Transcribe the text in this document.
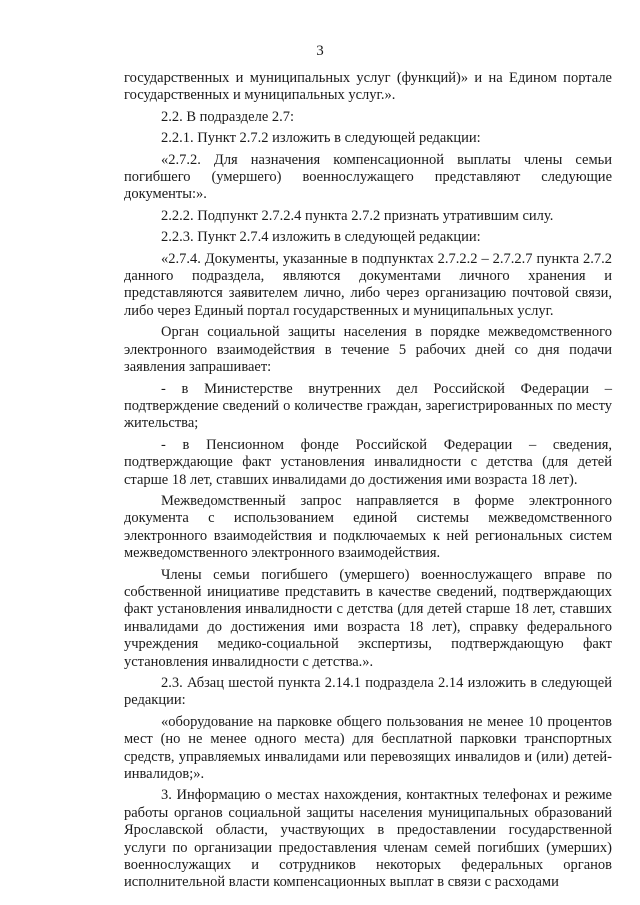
3

государственных и муниципальных услуг (функций)» и на Едином портале государственных и муниципальных услуг.».

2.2. В подразделе 2.7:

2.2.1. Пункт 2.7.2 изложить в следующей редакции:

«2.7.2. Для назначения компенсационной выплаты члены семьи погибшего (умершего) военнослужащего представляют следующие документы:».

2.2.2. Подпункт 2.7.2.4 пункта 2.7.2 признать утратившим силу.

2.2.3. Пункт 2.7.4 изложить в следующей редакции:

«2.7.4. Документы, указанные в подпунктах 2.7.2.2 – 2.7.2.7 пункта 2.7.2 данного подраздела, являются документами личного хранения и представляются заявителем лично, либо через организацию почтовой связи, либо через Единый портал государственных и муниципальных услуг.

Орган социальной защиты населения в порядке межведомственного электронного взаимодействия в течение 5 рабочих дней со дня подачи заявления запрашивает:

- в Министерстве внутренних дел Российской Федерации – подтверждение сведений о количестве граждан, зарегистрированных по месту жительства;

- в Пенсионном фонде Российской Федерации – сведения, подтверждающие факт установления инвалидности с детства (для детей старше 18 лет, ставших инвалидами до достижения ими возраста 18 лет).

Межведомственный запрос направляется в форме электронного документа с использованием единой системы межведомственного электронного взаимодействия и подключаемых к ней региональных систем межведомственного электронного взаимодействия.

Члены семьи погибшего (умершего) военнослужащего вправе по собственной инициативе представить в качестве сведений, подтверждающих факт установления инвалидности с детства (для детей старше 18 лет, ставших инвалидами до достижения ими возраста 18 лет), справку федерального учреждения медико-социальной экспертизы, подтверждающую факт установления инвалидности с детства.».

2.3. Абзац шестой пункта 2.14.1 подраздела 2.14 изложить в следующей редакции:

«оборудование на парковке общего пользования не менее 10 процентов мест (но не менее одного места) для бесплатной парковки транспортных средств, управляемых инвалидами или перевозящих инвалидов и (или) детей-инвалидов;».

3. Информацию о местах нахождения, контактных телефонах и режиме работы органов социальной защиты населения муниципальных образований Ярославской области, участвующих в предоставлении государственной услуги по организации предоставления членам семей погибших (умерших) военнослужащих и сотрудников некоторых федеральных органов исполнительной власти компенсационных выплат в связи с расходами
